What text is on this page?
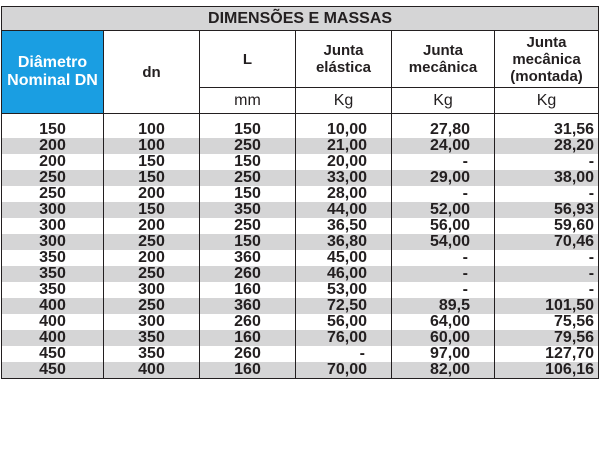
DIMENSÕES E MASSAS					
Diâmetro Nominal DN	dn	L	Junta elástica	Junta mecânica	Junta mecânica (montada)
		mm	Kg	Kg	Kg
150	100	150	10,00	27,80	31,56
200	100	250	21,00	24,00	28,20
200	150	150	20,00	-	-
250	150	250	33,00	29,00	38,00
250	200	150	28,00	-	-
300	150	350	44,00	52,00	56,93
300	200	250	36,50	56,00	59,60
300	250	150	36,80	54,00	70,46
350	200	360	45,00	-	-
350	250	260	46,00	-	-
350	300	160	53,00	-	-
400	250	360	72,50	89,5	101,50
400	300	260	56,00	64,00	75,56
400	350	160	76,00	60,00	79,56
450	350	260	-	97,00	127,70
450	400	160	70,00	82,00	106,16
